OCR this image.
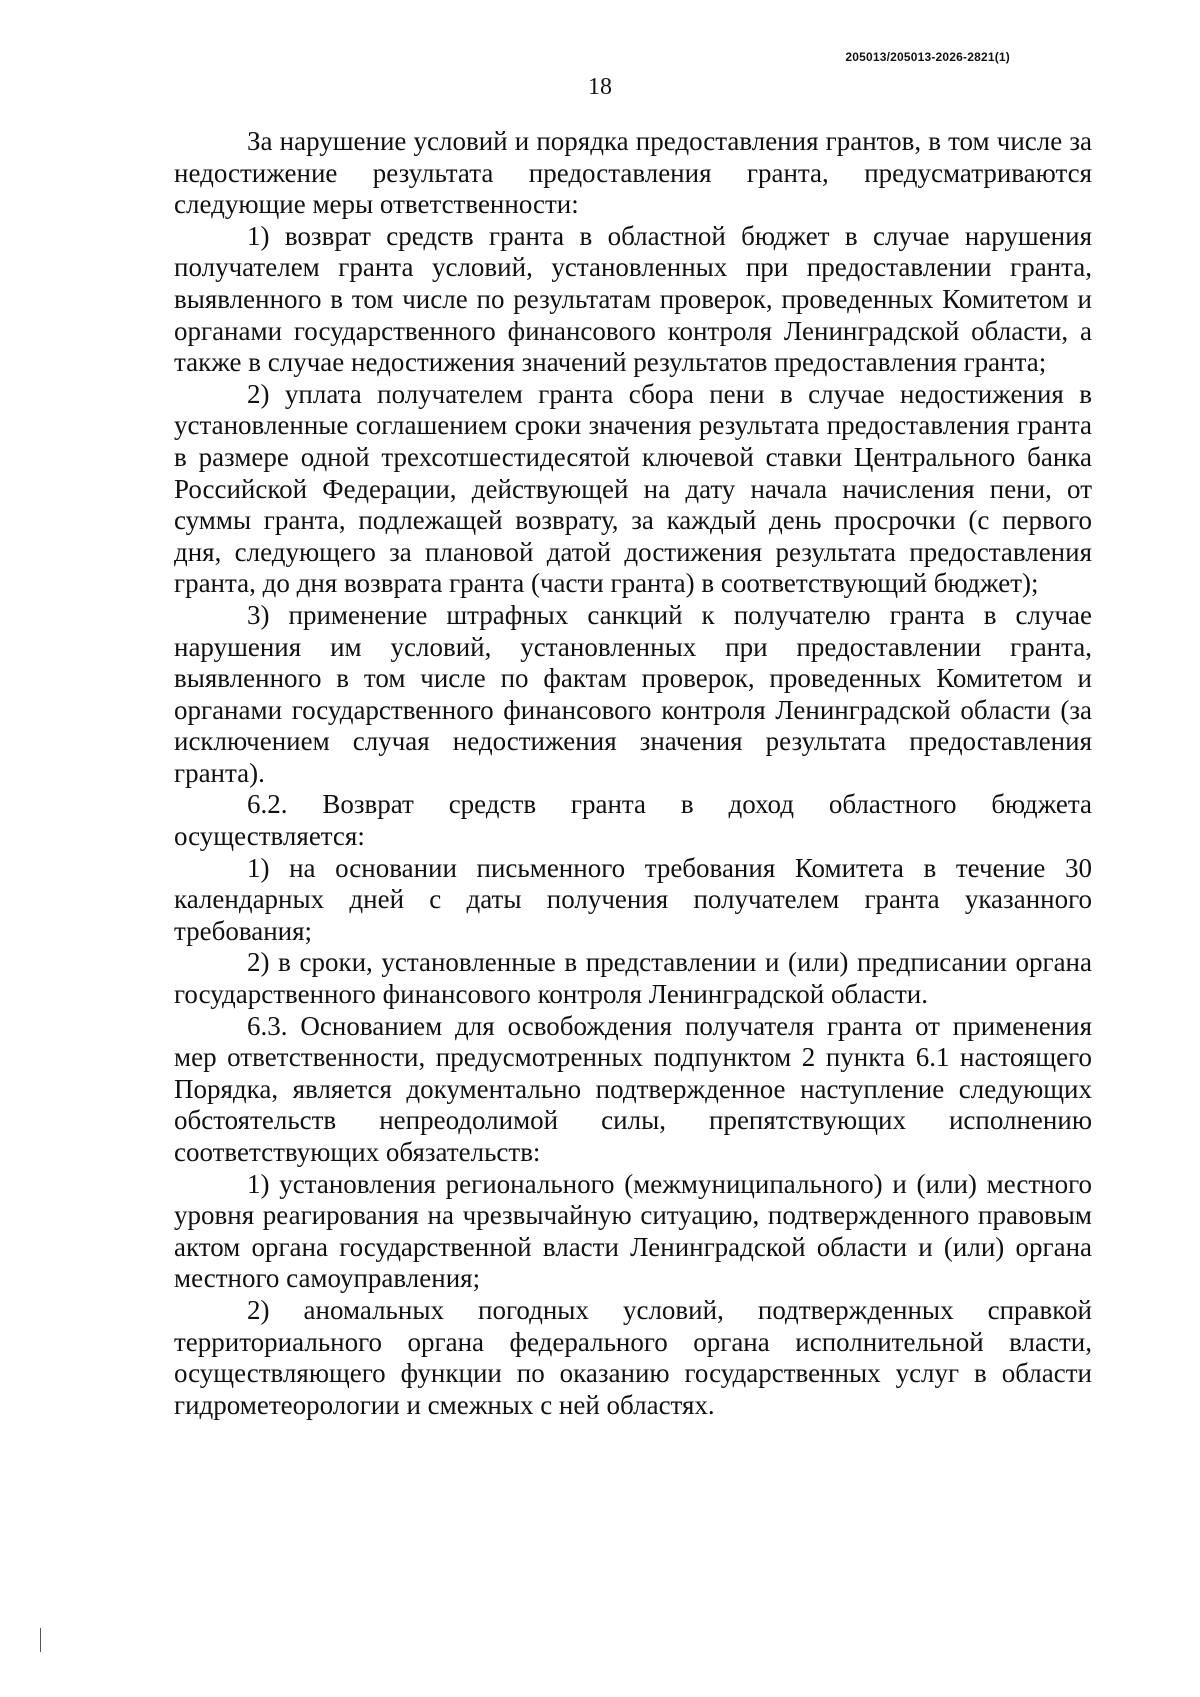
205013/205013-2026-2821(1)
18

За нарушение условий и порядка предоставления грантов, в том числе за недостижение результата предоставления гранта, предусматриваются следующие меры ответственности:

1) возврат средств гранта в областной бюджет в случае нарушения получателем гранта условий, установленных при предоставлении гранта, выявленного в том числе по результатам проверок, проведенных Комитетом и органами государственного финансового контроля Ленинградской области, а также в случае недостижения значений результатов предоставления гранта;

2) уплата получателем гранта сбора пени в случае недостижения в установленные соглашением сроки значения результата предоставления гранта в размере одной трехсотшестидесятой ключевой ставки Центрального банка Российской Федерации, действующей на дату начала начисления пени, от суммы гранта, подлежащей возврату, за каждый день просрочки (с первого дня, следующего за плановой датой достижения результата предоставления гранта, до дня возврата гранта (части гранта) в соответствующий бюджет);

3) применение штрафных санкций к получателю гранта в случае нарушения им условий, установленных при предоставлении гранта, выявленного в том числе по фактам проверок, проведенных Комитетом и органами государственного финансового контроля Ленинградской области (за исключением случая недостижения значения результата предоставления гранта).

6.2. Возврат средств гранта в доход областного бюджета осуществляется:

1) на основании письменного требования Комитета в течение 30 календарных дней с даты получения получателем гранта указанного требования;

2) в сроки, установленные в представлении и (или) предписании органа государственного финансового контроля Ленинградской области.

6.3. Основанием для освобождения получателя гранта от применения мер ответственности, предусмотренных подпунктом 2 пункта 6.1 настоящего Порядка, является документально подтвержденное наступление следующих обстоятельств непреодолимой силы, препятствующих исполнению соответствующих обязательств:

1) установления регионального (межмуниципального) и (или) местного уровня реагирования на чрезвычайную ситуацию, подтвержденного правовым актом органа государственной власти Ленинградской области и (или) органа местного самоуправления;

2) аномальных погодных условий, подтвержденных справкой территориального органа федерального органа исполнительной власти, осуществляющего функции по оказанию государственных услуг в области гидрометеорологии и смежных с ней областях.
